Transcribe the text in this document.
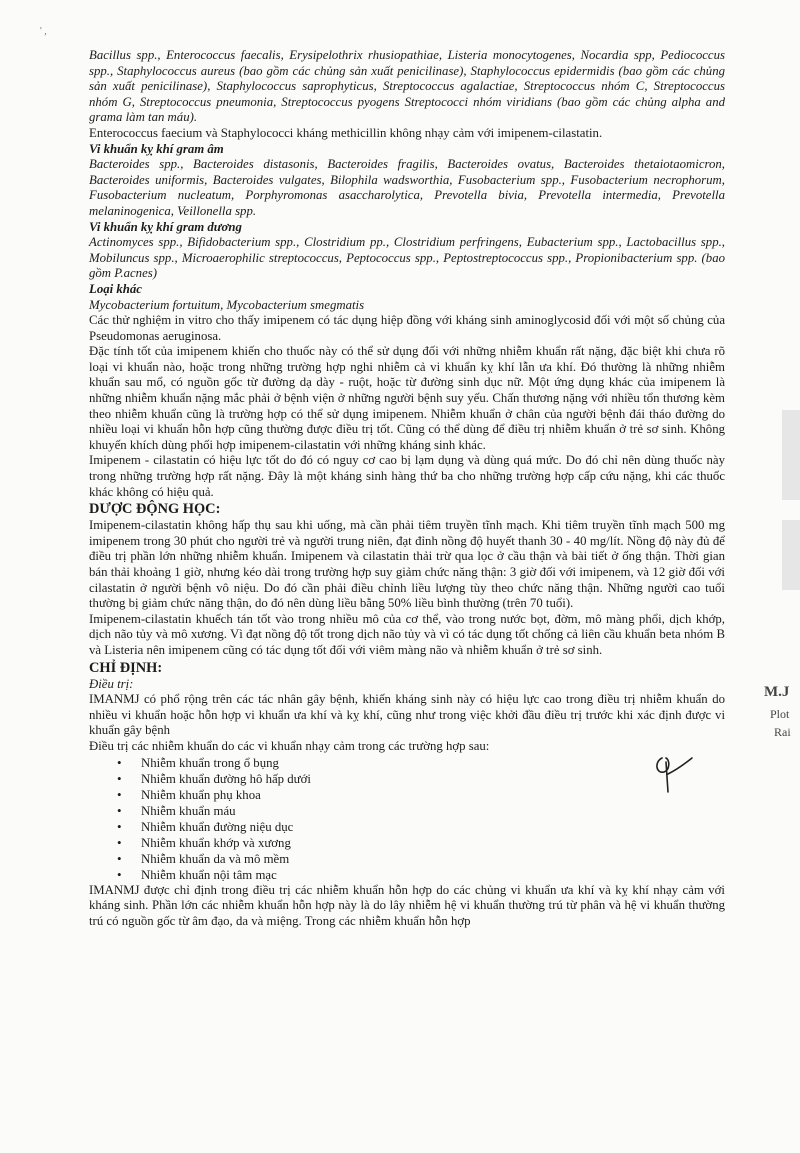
' ,

Bacillus spp., Enterococcus faecalis, Erysipelothrix rhusiopathiae, Listeria monocytogenes, Nocardia spp, Pediococcus spp., Staphylococcus aureus (bao gồm các chủng sản xuất penicilinase), Staphylococcus epidermidis (bao gồm các chủng sản xuất penicilinase), Staphylococcus saprophyticus, Streptococcus agalactiae, Streptococcus nhóm C, Streptococcus nhóm G, Streptococcus pneumonia, Streptococcus pyogens Streptococci nhóm viridians (bao gồm các chủng alpha and grama làm tan máu).

Enterococcus faecium và Staphylococci kháng methicillin không nhạy cảm với imipenem-cilastatin.

Vi khuẩn kỵ khí gram âm

Bacteroides spp., Bacteroides distasonis, Bacteroides fragilis, Bacteroides ovatus, Bacteroides thetaiotaomicron, Bacteroides uniformis, Bacteroides vulgates, Bilophila wadsworthia, Fusobacterium spp., Fusobacterium necrophorum, Fusobacterium nucleatum, Porphyromonas asaccharolytica, Prevotella bivia, Prevotella intermedia, Prevotella melaninogenica, Veillonella spp.

Vi khuẩn kỵ khí gram dương

Actinomyces spp., Bifidobacterium spp., Clostridium pp., Clostridium perfringens, Eubacterium spp., Lactobacillus spp., Mobiluncus spp., Microaerophilic streptococcus, Peptococcus spp., Peptostreptococcus spp., Propionibacterium spp. (bao gồm P.acnes)

Loại khác

Mycobacterium fortuitum, Mycobacterium smegmatis

Các thử nghiệm in vitro cho thấy imipenem có tác dụng hiệp đồng với kháng sinh aminoglycosid đối với một số chủng của Pseudomonas aeruginosa.

Đặc tính tốt của imipenem khiến cho thuốc này có thể sử dụng đối với những nhiễm khuẩn rất nặng, đặc biệt khi chưa rõ loại vi khuẩn nào, hoặc trong những trường hợp nghi nhiễm cả vi khuẩn kỵ khí lẫn ưa khí. Đó thường là những nhiễm khuẩn sau mổ, có nguồn gốc từ đường dạ dày - ruột, hoặc từ đường sinh dục nữ. Một ứng dụng khác của imipenem là những nhiễm khuẩn nặng mắc phải ở bệnh viện ở những người bệnh suy yếu. Chấn thương nặng với nhiều tổn thương kèm theo nhiễm khuẩn cũng là trường hợp có thể sử dụng imipenem. Nhiễm khuẩn ở chân của người bệnh đái tháo đường do nhiều loại vi khuẩn hỗn hợp cũng thường được điều trị tốt. Cũng có thể dùng để điều trị nhiễm khuẩn ở trẻ sơ sinh. Không khuyến khích dùng phối hợp imipenem-cilastatin với những kháng sinh khác.

Imipenem - cilastatin có hiệu lực tốt do đó có nguy cơ cao bị lạm dụng và dùng quá mức. Do đó chỉ nên dùng thuốc này trong những trường hợp rất nặng. Đây là một kháng sinh hàng thứ ba cho những trường hợp cấp cứu nặng, khi các thuốc khác không có hiệu quả.

DƯỢC ĐỘNG HỌC:

Imipenem-cilastatin không hấp thụ sau khi uống, mà cần phải tiêm truyền tĩnh mạch. Khi tiêm truyền tĩnh mạch 500 mg imipenem trong 30 phút cho người trẻ và người trung niên, đạt đỉnh nồng độ huyết thanh 30 - 40 mg/lít. Nồng độ này đủ để điều trị phần lớn những nhiễm khuẩn. Imipenem và cilastatin thải trừ qua lọc ở cầu thận và bài tiết ở ống thận. Thời gian bán thải khoảng 1 giờ, nhưng kéo dài trong trường hợp suy giảm chức năng thận: 3 giờ đối với imipenem, và 12 giờ đối với cilastatin ở người bệnh vô niệu. Do đó cần phải điều chỉnh liều lượng tùy theo chức năng thận. Những người cao tuổi thường bị giảm chức năng thận, do đó nên dùng liều bằng 50% liều bình thường (trên 70 tuổi).

Imipenem-cilastatin khuếch tán tốt vào trong nhiều mô của cơ thể, vào trong nước bọt, đờm, mô màng phổi, dịch khớp, dịch não tủy và mô xương. Vì đạt nồng độ tốt trong dịch não tủy và vì có tác dụng tốt chống cả liên cầu khuẩn beta nhóm B và Listeria nên imipenem cũng có tác dụng tốt đối với viêm màng não và nhiễm khuẩn ở trẻ sơ sinh.

CHỈ ĐỊNH:

Điều trị:

IMANMJ có phổ rộng trên các tác nhân gây bệnh, khiến kháng sinh này có hiệu lực cao trong điều trị nhiễm khuẩn do nhiều vi khuẩn hoặc hỗn hợp vi khuẩn ưa khí và kỵ khí, cũng như trong việc khởi đầu điều trị trước khi xác định được vi khuẩn gây bệnh

Điều trị các nhiễm khuẩn do các vi khuẩn nhạy cảm trong các trường hợp sau:

• Nhiễm khuẩn trong ổ bụng
• Nhiễm khuẩn đường hô hấp dưới
• Nhiễm khuẩn phụ khoa
• Nhiễm khuẩn máu
• Nhiễm khuẩn đường niệu dục
• Nhiễm khuẩn khớp và xương
• Nhiễm khuẩn da và mô mềm
• Nhiễm khuẩn nội tâm mạc

IMANMJ được chỉ định trong điều trị các nhiễm khuẩn hỗn hợp do các chủng vi khuẩn ưa khí và kỵ khí nhạy cảm với kháng sinh. Phần lớn các nhiễm khuẩn hỗn hợp này là do lây nhiễm hệ vi khuẩn thường trú từ phân và hệ vi khuẩn thường trú có nguồn gốc từ âm đạo, da và miệng. Trong các nhiễm khuẩn hỗn hợp

M.J
Plot
Rai
